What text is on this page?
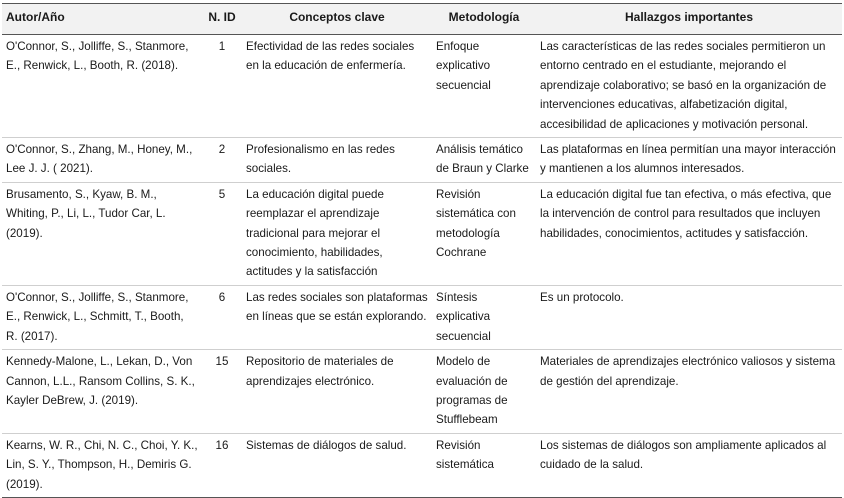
Autor/Año	N. ID	Conceptos clave	Metodología	Hallazgos importantes
O'Connor, S., Jolliffe, S., Stanmore, E., Renwick, L., Booth, R. (2018).	1	Efectividad de las redes sociales en la educación de enfermería.	Enfoque explicativo secuencial	Las características de las redes sociales permitieron un entorno centrado en el estudiante, mejorando el aprendizaje colaborativo; se basó en la organización de intervenciones educativas, alfabetización digital, accesibilidad de aplicaciones y motivación personal.
O'Connor, S., Zhang, M., Honey, M., Lee J. J. ( 2021).	2	Profesionalismo en las redes sociales.	Análisis temático de Braun y Clarke	Las plataformas en línea permitían una mayor interacción y mantienen a los alumnos interesados.
Brusamento, S., Kyaw, B. M., Whiting, P., Li, L., Tudor Car, L. (2019).	5	La educación digital puede reemplazar el aprendizaje tradicional para mejorar el conocimiento, habilidades, actitudes y la satisfacción	Revisión sistemática con metodología Cochrane	La educación digital fue tan efectiva, o más efectiva, que la intervención de control para resultados que incluyen habilidades, conocimientos, actitudes y satisfacción.
O'Connor, S., Jolliffe, S., Stanmore, E., Renwick, L., Schmitt, T., Booth, R. (2017).	6	Las redes sociales son plataformas en líneas que se están explorando.	Síntesis explicativa secuencial	Es un protocolo.
Kennedy-Malone, L., Lekan, D., Von Cannon, L.L., Ransom Collins, S. K., Kayler DeBrew, J. (2019).	15	Repositorio de materiales de aprendizajes electrónico.	Modelo de evaluación de programas de Stufflebeam	Materiales de aprendizajes electrónico valiosos y sistema de gestión del aprendizaje.
Kearns, W. R., Chi, N. C., Choi, Y. K., Lin, S. Y., Thompson, H., Demiris G. (2019).	16	Sistemas de diálogos de salud.	Revisión sistemática	Los sistemas de diálogos son ampliamente aplicados al cuidado de la salud.
